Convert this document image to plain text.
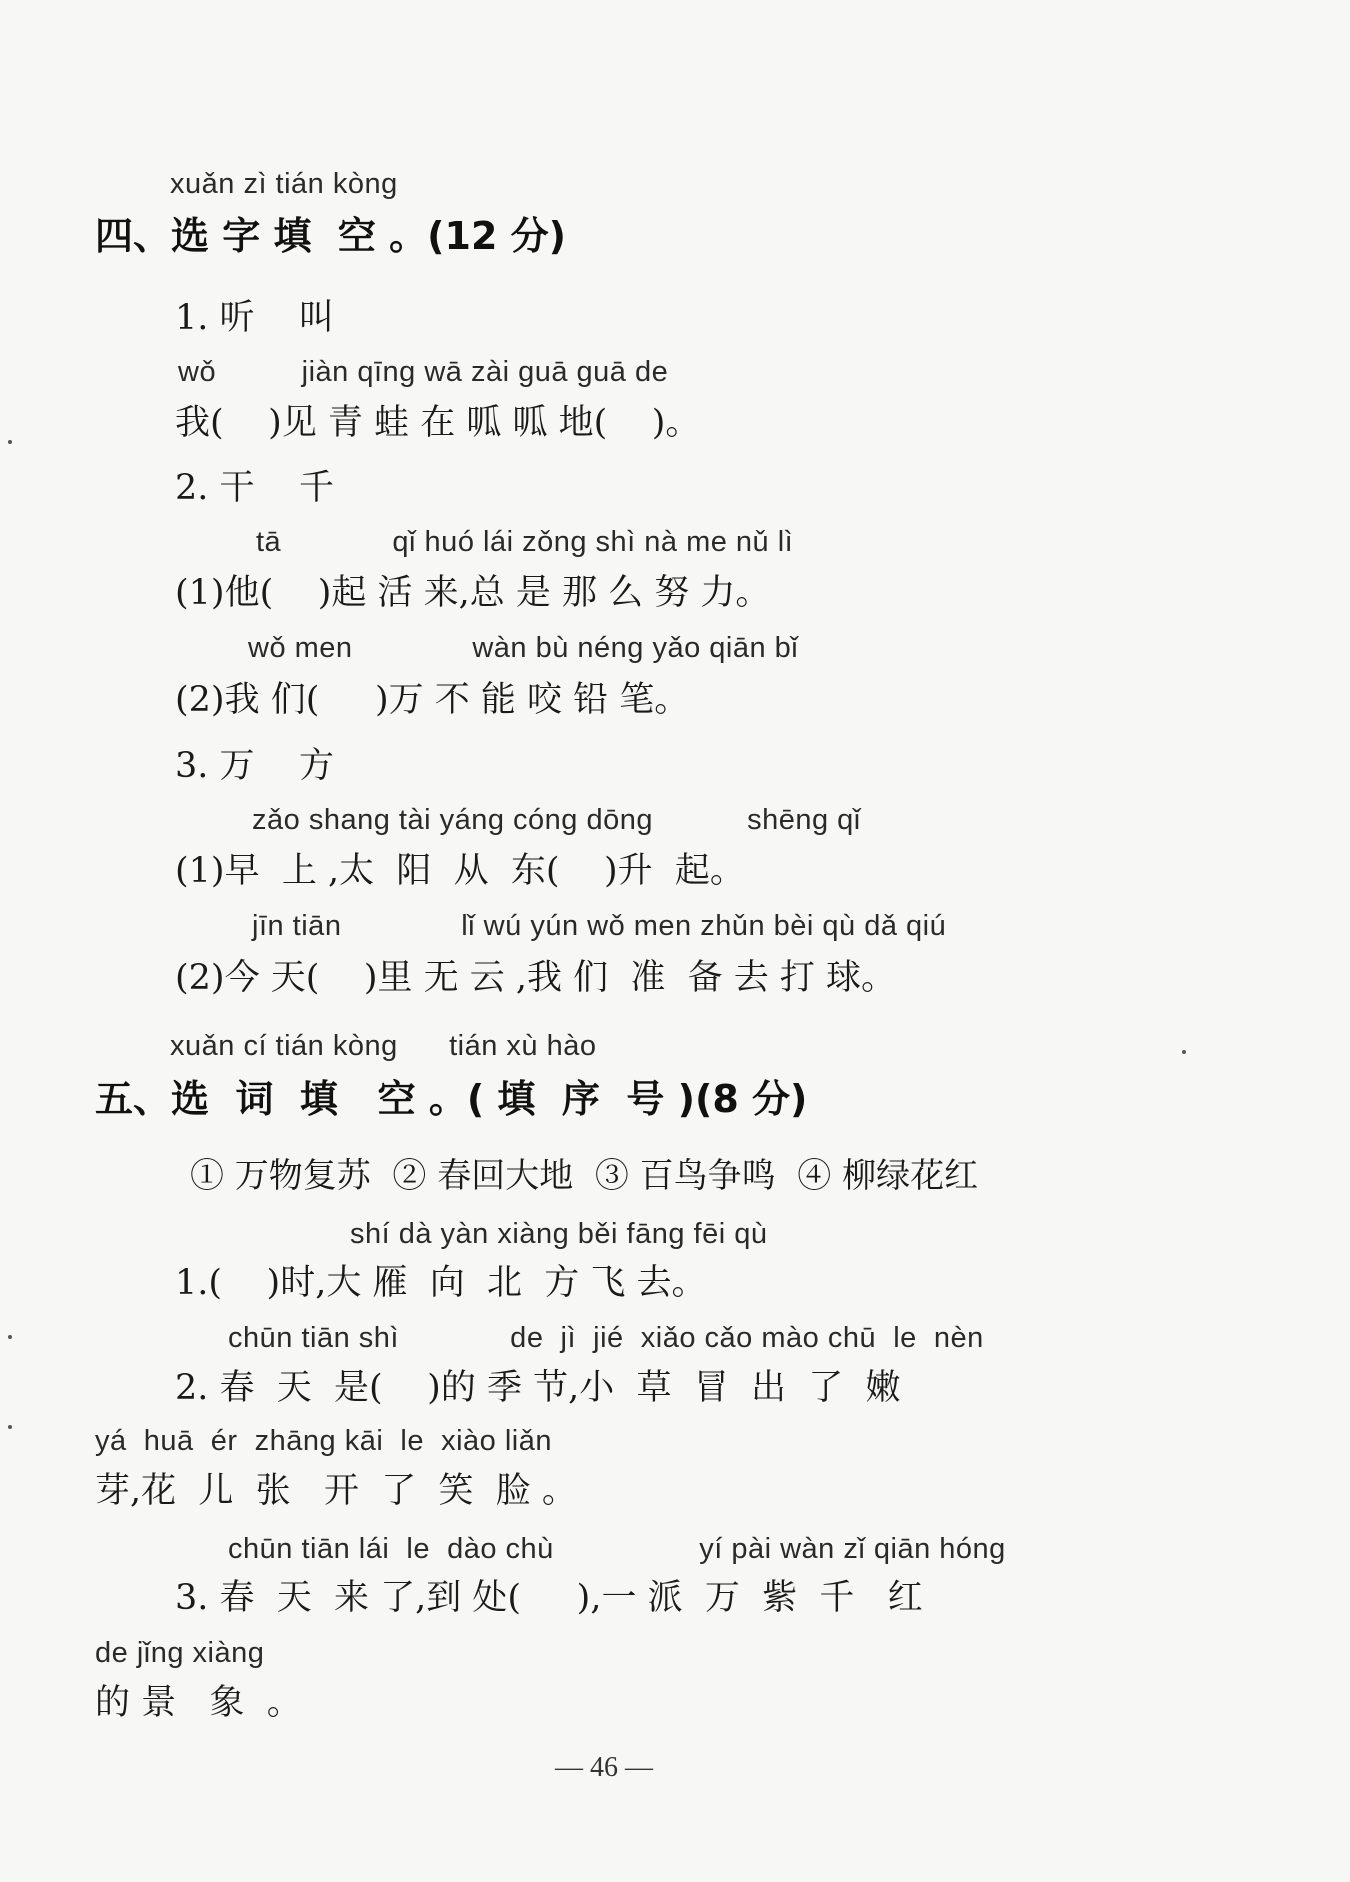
xuǎn zì tián kòng
四、选 字 填  空 。(12 分)
1. 听    叫
wǒ          jiàn qīng wā zài guā guā de
我(    )见 青 蛙 在 呱 呱 地(    )。
2. 干    千
tā             qǐ huó lái zǒng shì nà me nǔ lì
(1)他(    )起 活 来,总 是 那 么 努 力。
wǒ men              wàn bù néng yǎo qiān bǐ
(2)我 们(     )万 不 能 咬 铅 笔。
3. 万    方
zǎo shang tài yáng cóng dōng           shēng qǐ
(1)早  上 ,太  阳  从  东(    )升  起。
jīn tiān              lǐ wú yún wǒ men zhǔn bèi qù dǎ qiú
(2)今 天(    )里 无 云 ,我 们  准  备 去 打 球。
xuǎn cí tián kòng      tián xù hào
五、选  词  填   空 。( 填  序  号 )(8 分)
① 万物复苏  ② 春回大地  ③ 百鸟争鸣  ④ 柳绿花红
shí dà yàn xiàng běi fāng fēi qù
1.(    )时,大 雁  向  北  方 飞 去。
chūn tiān shì             de  jì  jié  xiǎo cǎo mào chū  le  nèn
2. 春  天  是(    )的 季 节,小  草  冒  出  了  嫩
yá  huā  ér  zhāng kāi  le  xiào liǎn
芽,花  儿  张   开  了  笑  脸 。
chūn tiān lái  le  dào chù                 yí pài wàn zǐ qiān hóng
3. 春  天  来 了,到 处(     ),一 派  万  紫  千   红
de jǐng xiàng
的 景   象  。
— 46 —
